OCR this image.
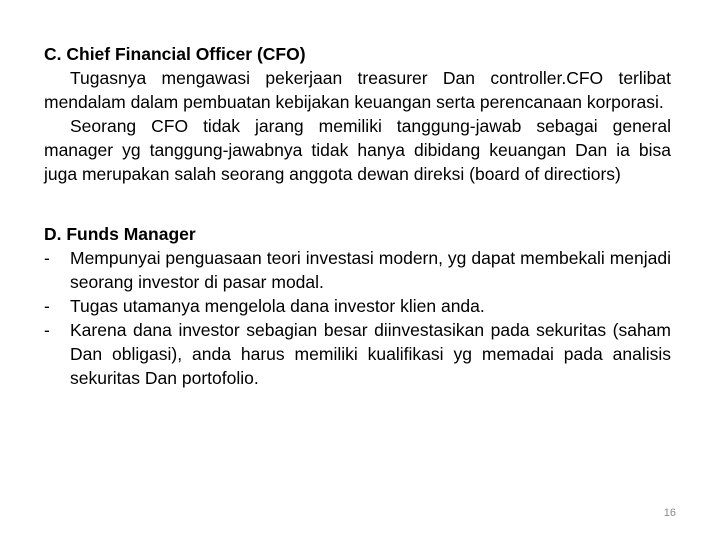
C. Chief Financial Officer (CFO)

Tugasnya mengawasi pekerjaan treasurer Dan controller.CFO terlibat mendalam dalam pembuatan kebijakan keuangan serta perencanaan korporasi.

Seorang CFO tidak jarang memiliki tanggung-jawab sebagai general manager yg tanggung-jawabnya tidak hanya dibidang keuangan Dan ia bisa juga merupakan salah seorang anggota dewan direksi (board of directiors)

D. Funds Manager

- Mempunyai penguasaan teori investasi modern, yg dapat membekali menjadi seorang investor di pasar modal.
- Tugas utamanya mengelola dana investor klien anda.
- Karena dana investor sebagian besar diinvestasikan pada sekuritas (saham Dan obligasi), anda harus memiliki kualifikasi yg memadai pada analisis sekuritas Dan portofolio.
16
